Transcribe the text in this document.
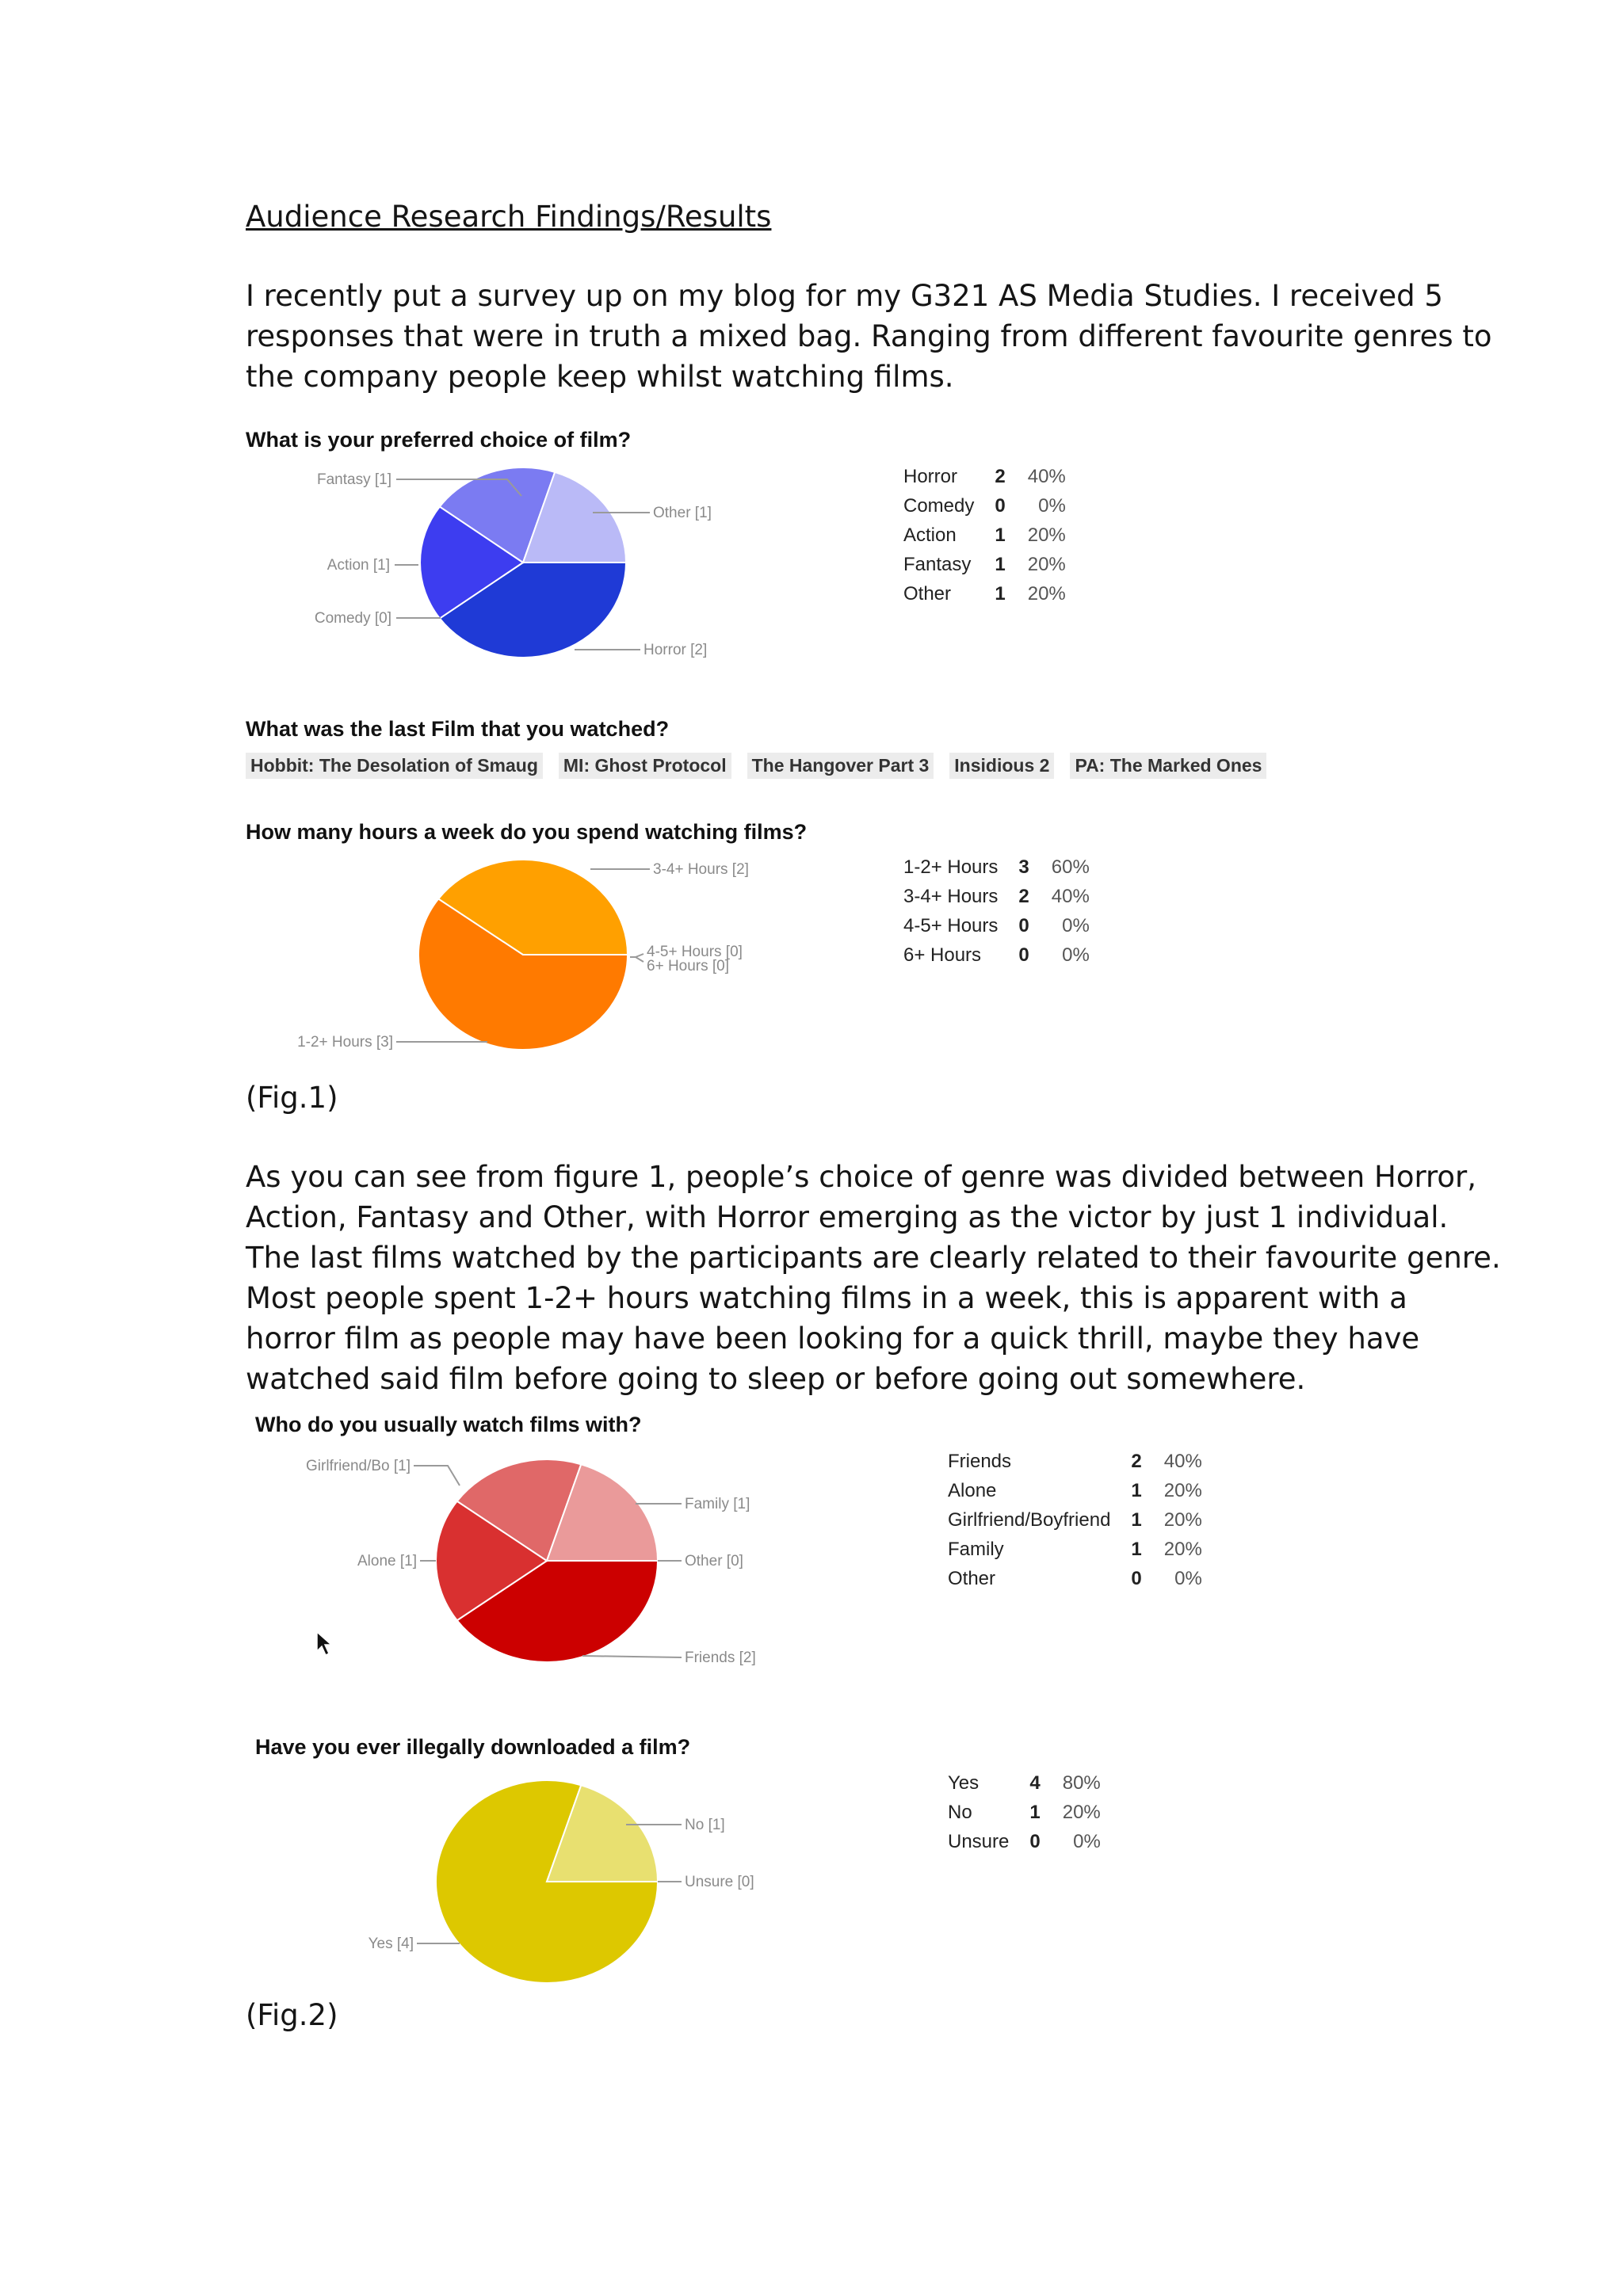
Audience Research Findings/Results
I recently put a survey up on my blog for my G321 AS Media Studies. I received 5
responses that were in truth a mixed bag. Ranging from different favourite genres to
the company people keep whilst watching films.
What is your preferred choice of film?
Fantasy [1]
Other [1]
Action [1]
Comedy [0]
Horror [2]
Horror	2	40%
Comedy	0	0%
Action	1	20%
Fantasy	1	20%
Other	1	20%
What was the last Film that you watched?
Hobbit: The Desolation of Smaug MI: Ghost Protocol The Hangover Part 3 Insidious 2 PA: The Marked Ones
How many hours a week do you spend watching films?
3-4+ Hours [2]
4-5+ Hours [0]
6+ Hours [0]
1-2+ Hours [3]
1-2+ Hours	3	60%
3-4+ Hours	2	40%
4-5+ Hours	0	0%
6+ Hours	0	0%
(Fig.1)
As you can see from figure 1, people’s choice of genre was divided between Horror,
Action, Fantasy and Other, with Horror emerging as the victor by just 1 individual.
The last films watched by the participants are clearly related to their favourite genre.
Most people spent 1-2+ hours watching films in a week, this is apparent with a
horror film as people may have been looking for a quick thrill, maybe they have
watched said film before going to sleep or before going out somewhere.
Who do you usually watch films with?
Girlfriend/Bo [1]
Family [1]
Alone [1]	Other [0]
Friends [2]
Friends	2	40%
Alone	1	20%
Girlfriend/Boyfriend	1	20%
Family	1	20%
Other	0	0%
Have you ever illegally downloaded a film?
No [1]
Unsure [0]
Yes [4]
Yes	4	80%
No	1	20%
Unsure	0	0%
(Fig.2)
